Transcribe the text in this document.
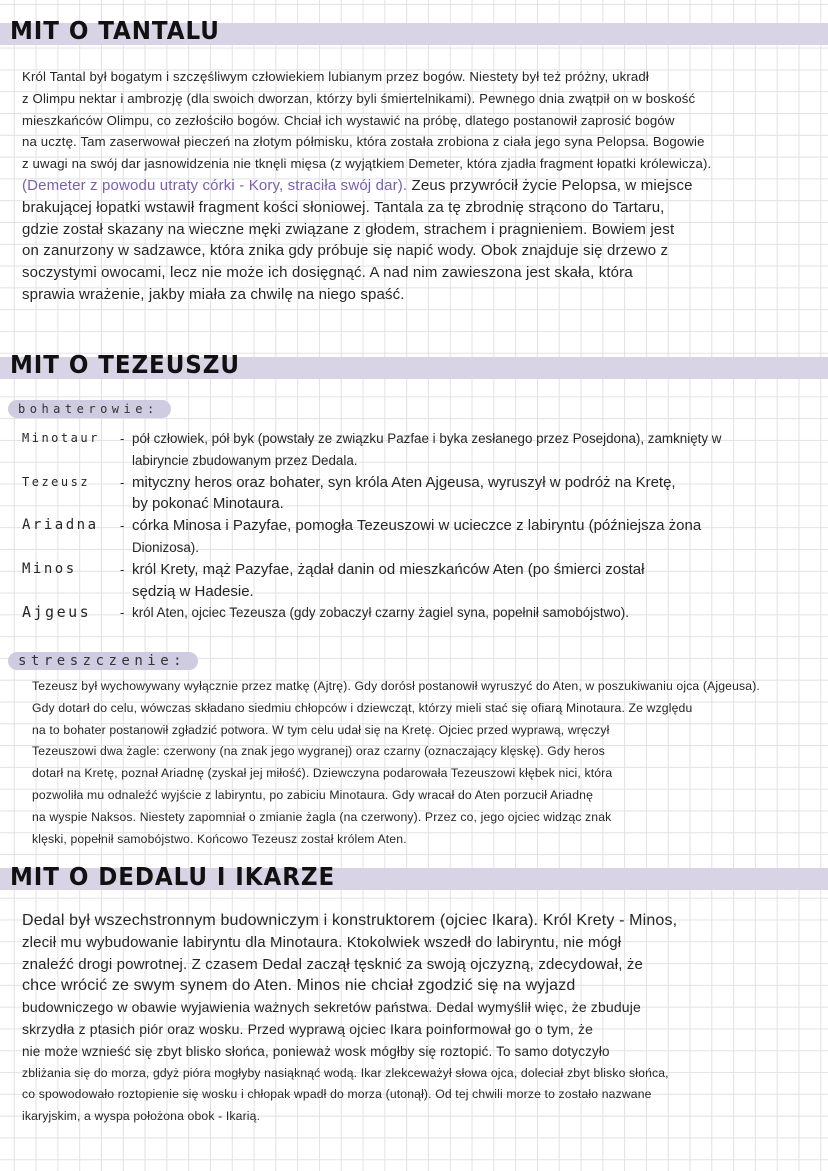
MIT O TANTALU
Król Tantal był bogatym i szczęśliwym człowiekiem lubianym przez bogów. Niestety był też próżny, ukradł
z Olimpu nektar i ambrozję (dla swoich dworzan, którzy byli śmiertelnikami). Pewnego dnia zwątpił on w boskość
mieszkańców Olimpu, co zezłościło bogów. Chciał ich wystawić na próbę, dlatego postanowił zaprosić bogów
na ucztę. Tam zaserwował pieczeń na złotym półmisku, która została zrobiona z ciała jego syna Pelopsa. Bogowie
z uwagi na swój dar jasnowidzenia nie tknęli mięsa (z wyjątkiem Demeter, która zjadła fragment łopatki królewicza).
(Demeter z powodu utraty córki - Kory, straciła swój dar). Zeus przywrócił życie Pelopsa, w miejsce
brakującej łopatki wstawił fragment kości słoniowej. Tantala za tę zbrodnię strącono do Tartaru,
gdzie został skazany na wieczne męki związane z głodem, strachem i pragnieniem. Bowiem jest
on zanurzony w sadzawce, która znika gdy próbuje się napić wody. Obok znajduje się drzewo z
soczystymi owocami, lecz nie może ich dosięgnąć. A nad nim zawieszona jest skała, która
sprawia wrażenie, jakby miała za chwilę na niego spaść.
MIT O TEZEUSZU
bohaterowie:
Minotaur	- pół człowiek, pół byk (powstały ze związku Pazfae i byka zesłanego przez Posejdona), zamknięty w
labiryncie zbudowanym przez Dedala.
Tezeusz	- mityczny heros oraz bohater, syn króla Aten Ajgeusa, wyruszył w podróż na Kretę,
by pokonać Minotaura.
Ariadna	- córka Minosa i Pazyfae, pomogła Tezeuszowi w ucieczce z labiryntu (późniejsza żona
Dionizosa).
Minos	- król Krety, mąż Pazyfae, żądał danin od mieszkańców Aten (po śmierci został
sędzią w Hadesie.
Ajgeus	- król Aten, ojciec Tezeusza (gdy zobaczył czarny żagiel syna, popełnił samobójstwo).
streszczenie:
Tezeusz był wychowywany wyłącznie przez matkę (Ajtrę). Gdy dorósł postanowił wyruszyć do Aten, w poszukiwaniu ojca (Ajgeusa).
Gdy dotarł do celu, wówczas składano siedmiu chłopców i dziewcząt, którzy mieli stać się ofiarą Minotaura. Ze względu
na to bohater postanowił zgładzić potwora. W tym celu udał się na Kretę. Ojciec przed wyprawą, wręczył
Tezeuszowi dwa żagle: czerwony (na znak jego wygranej) oraz czarny (oznaczający klęskę). Gdy heros
dotarł na Kretę, poznał Ariadnę (zyskał jej miłość). Dziewczyna podarowała Tezeuszowi kłębek nici, która
pozwoliła mu odnaleźć wyjście z labiryntu, po zabiciu Minotaura. Gdy wracał do Aten porzucił Ariadnę
na wyspie Naksos. Niestety zapomniał o zmianie żagla (na czerwony). Przez co, jego ojciec widząc znak
klęski, popełnił samobójstwo. Końcowo Tezeusz został królem Aten.
MIT O DEDALU I IKARZE
Dedal był wszechstronnym budowniczym i konstruktorem (ojciec Ikara). Król Krety - Minos,
zlecił mu wybudowanie labiryntu dla Minotaura. Ktokolwiek wszedł do labiryntu, nie mógł
znaleźć drogi powrotnej. Z czasem Dedal zaczął tęsknić za swoją ojczyzną, zdecydował, że
chce wrócić ze swym synem do Aten. Minos nie chciał zgodzić się na wyjazd
budowniczego w obawie wyjawienia ważnych sekretów państwa. Dedal wymyślił więc, że zbuduje
skrzydła z ptasich piór oraz wosku. Przed wyprawą ojciec Ikara poinformował go o tym, że
nie może wznieść się zbyt blisko słońca, ponieważ wosk mógłby się roztopić. To samo dotyczyło
zbliżania się do morza, gdyż pióra mogłyby nasiąknąć wodą. Ikar zlekceważył słowa ojca, doleciał zbyt blisko słońca,
co spowodowało roztopienie się wosku i chłopak wpadł do morza (utonął). Od tej chwili morze to zostało nazwane
ikaryjskim, a wyspa położona obok - Ikarią.
